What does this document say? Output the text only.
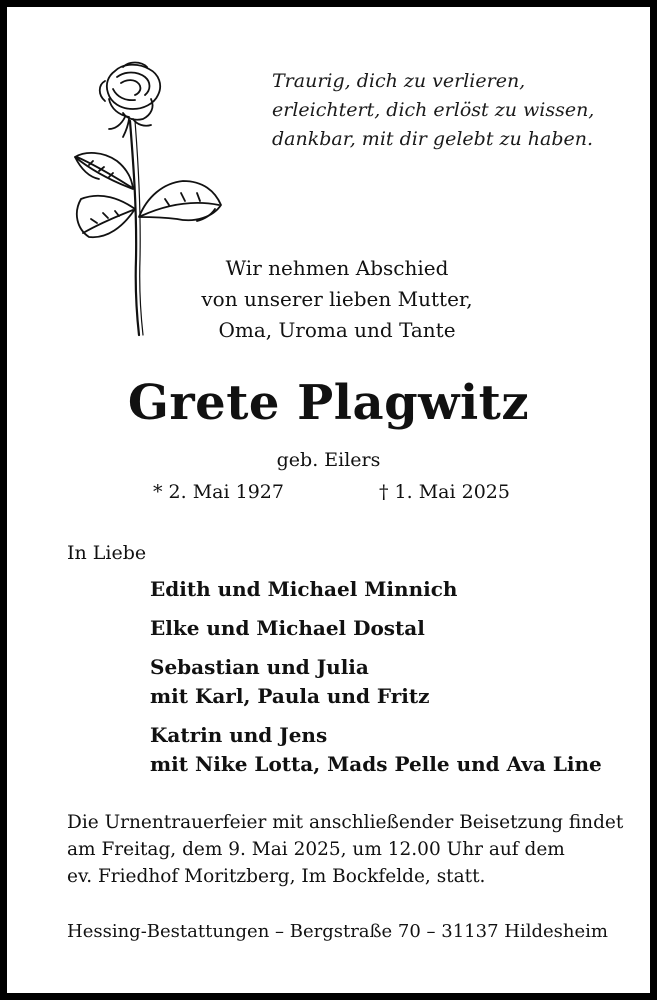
Traurig, dich zu verlieren,
erleichtert, dich erlöst zu wissen,
dankbar, mit dir gelebt zu haben.
Wir nehmen Abschied
von unserer lieben Mutter,
Oma, Uroma und Tante
Grete Plagwitz
geb. Eilers
* 2. Mai 1927	† 1. Mai 2025
In Liebe
Edith und Michael Minnich
Elke und Michael Dostal
Sebastian und Julia
mit Karl, Paula und Fritz
Katrin und Jens
mit Nike Lotta, Mads Pelle und Ava Line
Die Urnentrauerfeier mit anschließender Beisetzung findet
am Freitag, dem 9. Mai 2025, um 12.00 Uhr auf dem
ev. Friedhof Moritzberg, Im Bockfelde, statt.
Hessing-Bestattungen – Bergstraße 70 – 31137 Hildesheim
